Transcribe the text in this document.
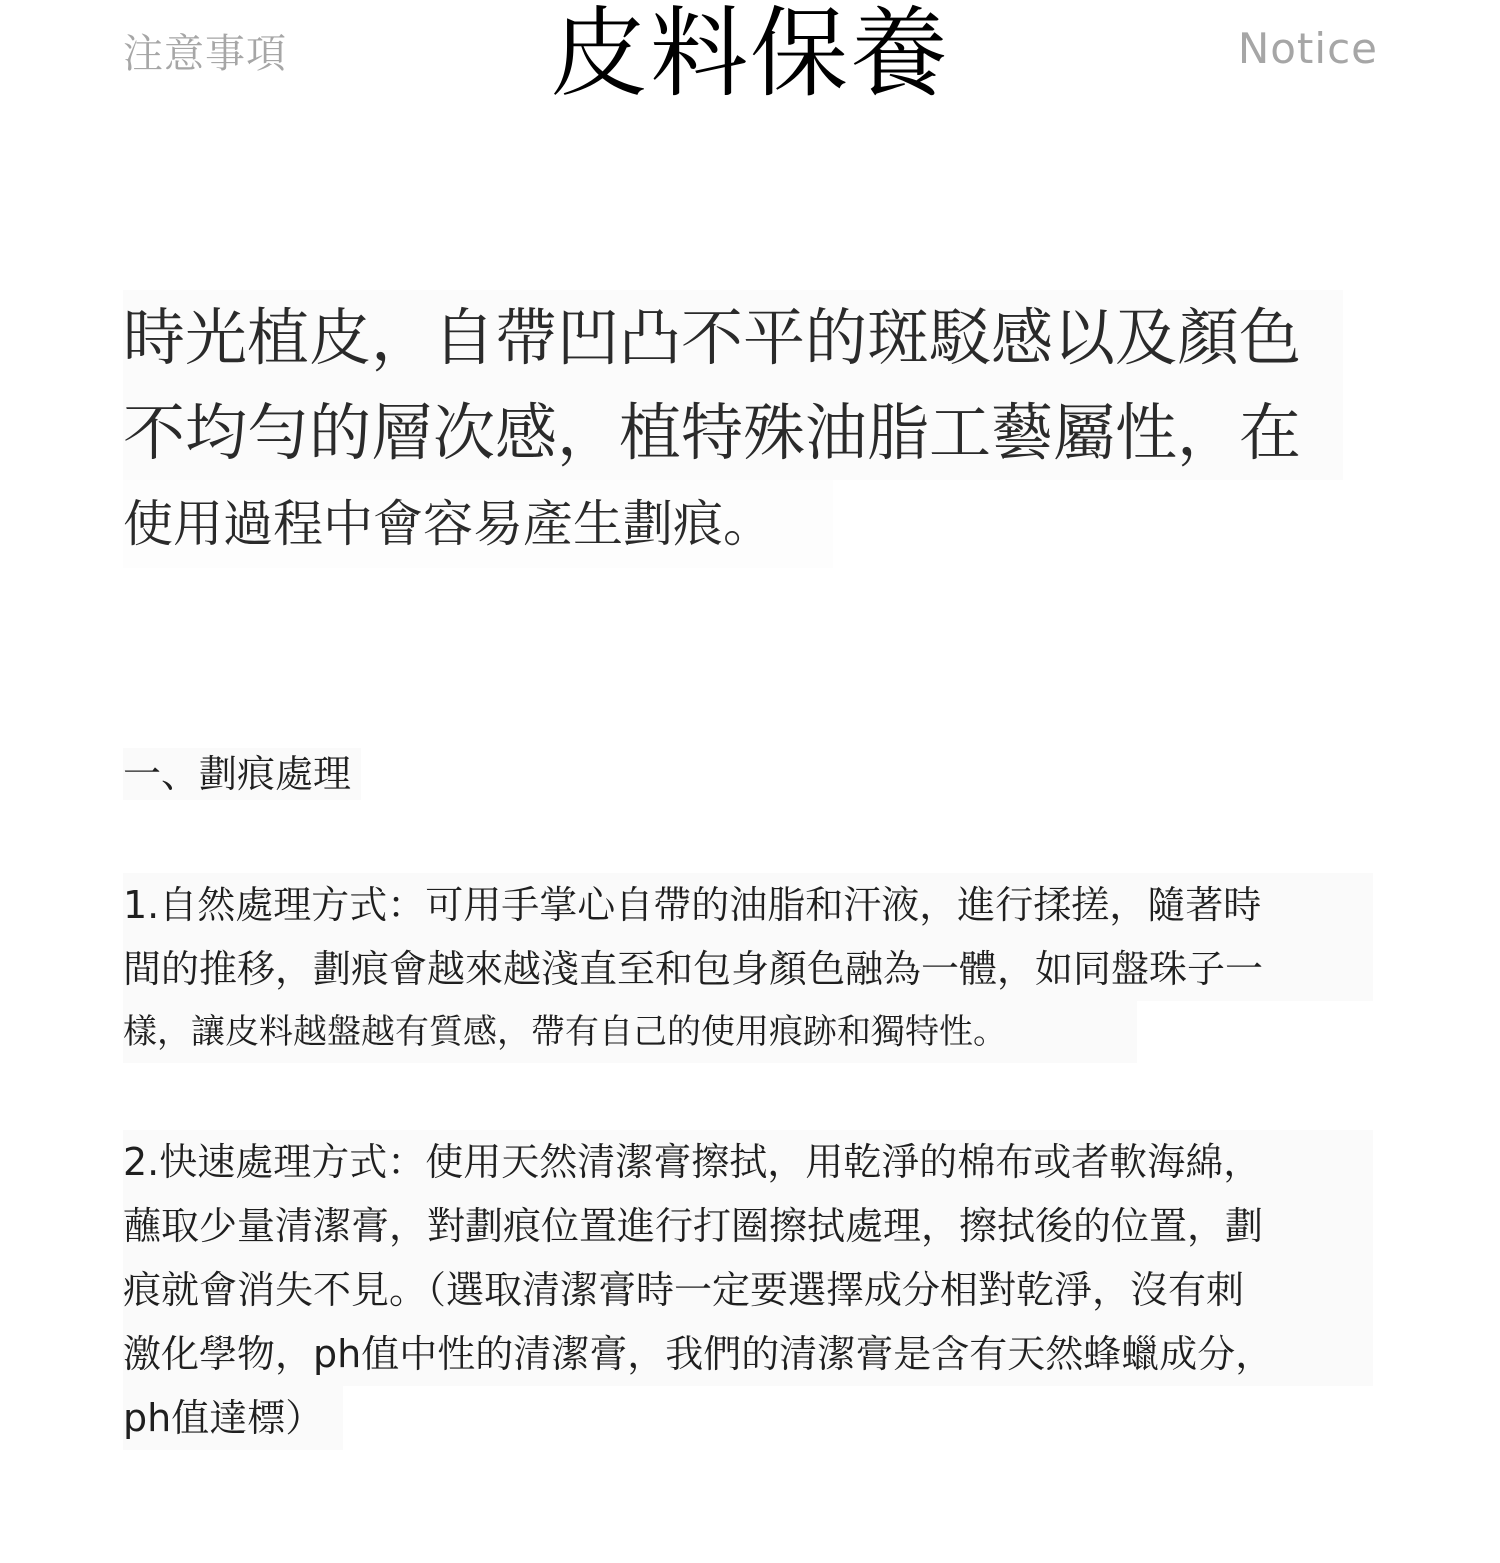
注意事項	皮料保養	Notice
時光植皮，自帶凹凸不平的斑駁感以及顏色
不均勻的層次感，植特殊油脂工藝屬性，在
使用過程中會容易產生劃痕。
一、劃痕處理
1.自然處理方式：可用手掌心自帶的油脂和汗液，進行揉搓，隨著時
間的推移，劃痕會越來越淺直至和包身顏色融為一體，如同盤珠子一
樣，讓皮料越盤越有質感，帶有自己的使用痕跡和獨特性。
2.快速處理方式：使用天然清潔膏擦拭，用乾淨的棉布或者軟海綿，
蘸取少量清潔膏，對劃痕位置進行打圈擦拭處理，擦拭後的位置，劃
痕就會消失不見。（選取清潔膏時一定要選擇成分相對乾淨，沒有刺
激化學物，ph值中性的清潔膏，我們的清潔膏是含有天然蜂蠟成分，
ph值達標）
